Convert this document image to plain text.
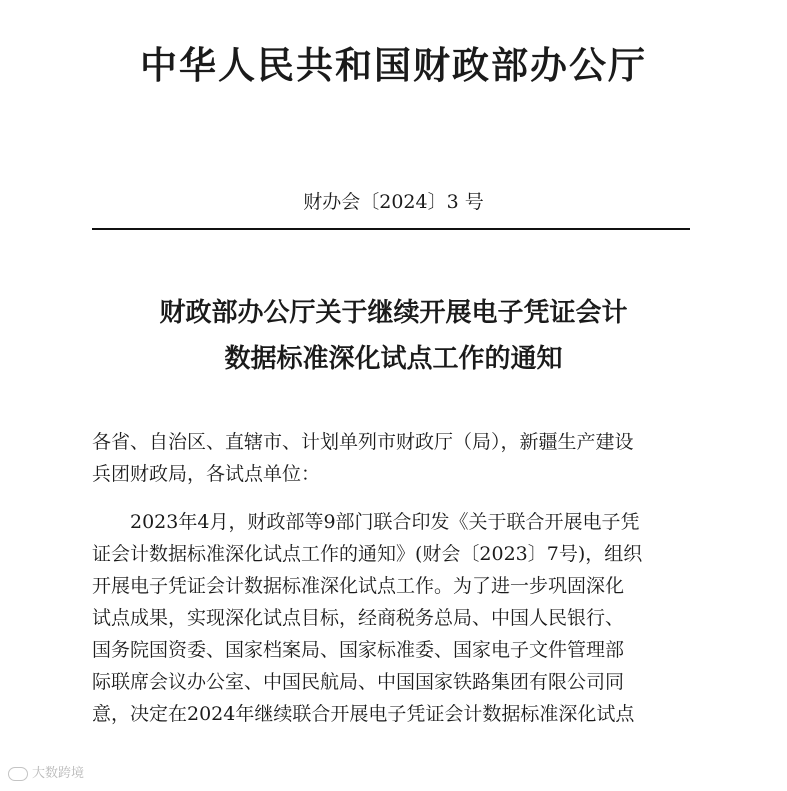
中华人民共和国财政部办公厅
财办会〔2024〕3 号
财政部办公厅关于继续开展电子凭证会计
数据标准深化试点工作的通知
各省、自治区、直辖市、计划单列市财政厅（局），新疆生产建设
兵团财政局，各试点单位：
2023年4月，财政部等9部门联合印发《关于联合开展电子凭
证会计数据标准深化试点工作的通知》(财会〔2023〕7号)，组织
开展电子凭证会计数据标准深化试点工作。为了进一步巩固深化
试点成果，实现深化试点目标，经商税务总局、中国人民银行、
国务院国资委、国家档案局、国家标准委、国家电子文件管理部
际联席会议办公室、中国民航局、中国国家铁路集团有限公司同
意，决定在2024年继续联合开展电子凭证会计数据标准深化试点
大数跨境
